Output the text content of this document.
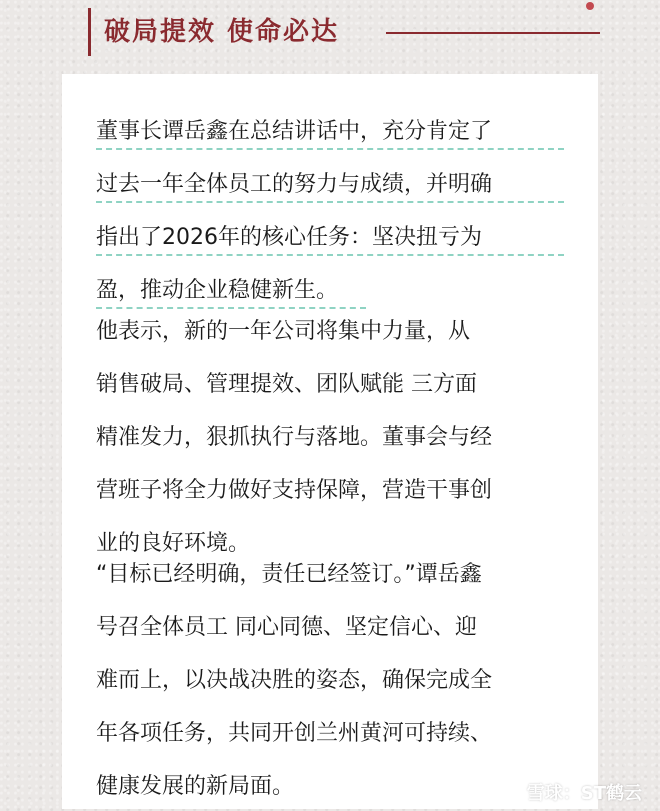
破局提效 使命必达
董事长谭岳鑫在总结讲话中，充分肯定了
过去一年全体员工的努力与成绩，并明确
指出了2026年的核心任务：坚决扭亏为
盈，推动企业稳健新生。
他表示，新的一年公司将集中力量，从
销售破局、管理提效、团队赋能 三方面
精准发力，狠抓执行与落地。董事会与经
营班子将全力做好支持保障，营造干事创
业的良好环境。
“目标已经明确，责任已经签订。”谭岳鑫
号召全体员工 同心同德、坚定信心、迎
难而上，以决战决胜的姿态，确保完成全
年各项任务，共同开创兰州黄河可持续、
健康发展的新局面。	雪球：ST鹤云
